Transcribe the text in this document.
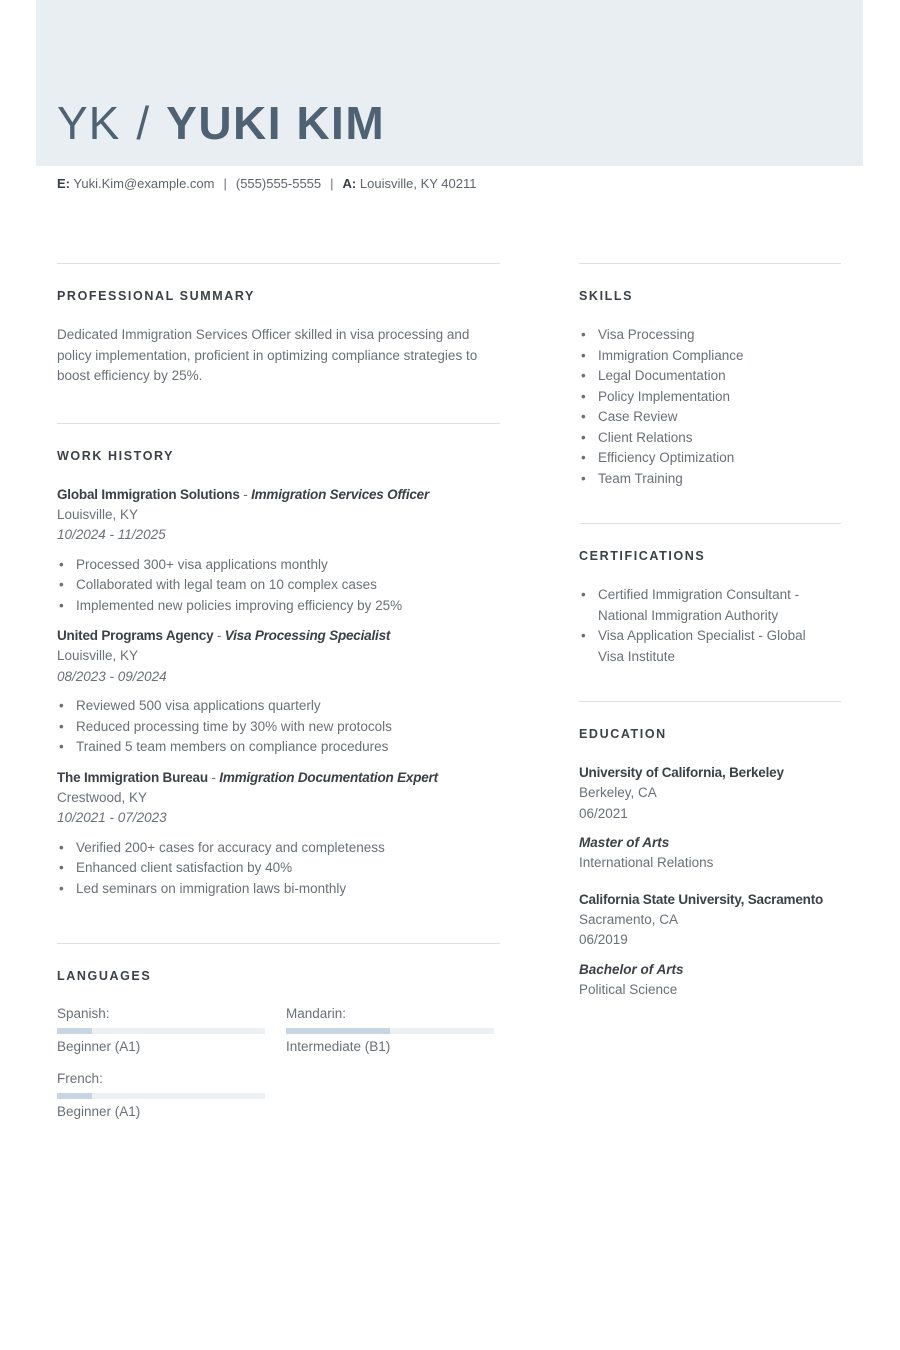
YK / YUKI KIM
E: Yuki.Kim@example.com | (555)555-5555 | A: Louisville, KY 40211
PROFESSIONAL SUMMARY
Dedicated Immigration Services Officer skilled in visa processing and policy implementation, proficient in optimizing compliance strategies to boost efficiency by 25%.
WORK HISTORY
Global Immigration Solutions - Immigration Services Officer
Louisville, KY
10/2024 - 11/2025
• Processed 300+ visa applications monthly
• Collaborated with legal team on 10 complex cases
• Implemented new policies improving efficiency by 25%
United Programs Agency - Visa Processing Specialist
Louisville, KY
08/2023 - 09/2024
• Reviewed 500 visa applications quarterly
• Reduced processing time by 30% with new protocols
• Trained 5 team members on compliance procedures
The Immigration Bureau - Immigration Documentation Expert
Crestwood, KY
10/2021 - 07/2023
• Verified 200+ cases for accuracy and completeness
• Enhanced client satisfaction by 40%
• Led seminars on immigration laws bi-monthly
LANGUAGES
Spanish:
Beginner (A1)
Mandarin:
Intermediate (B1)
French:
Beginner (A1)
SKILLS
• Visa Processing
• Immigration Compliance
• Legal Documentation
• Policy Implementation
• Case Review
• Client Relations
• Efficiency Optimization
• Team Training
CERTIFICATIONS
• Certified Immigration Consultant - National Immigration Authority
• Visa Application Specialist - Global Visa Institute
EDUCATION
University of California, Berkeley
Berkeley, CA
06/2021
Master of Arts
International Relations
California State University, Sacramento
Sacramento, CA
06/2019
Bachelor of Arts
Political Science
